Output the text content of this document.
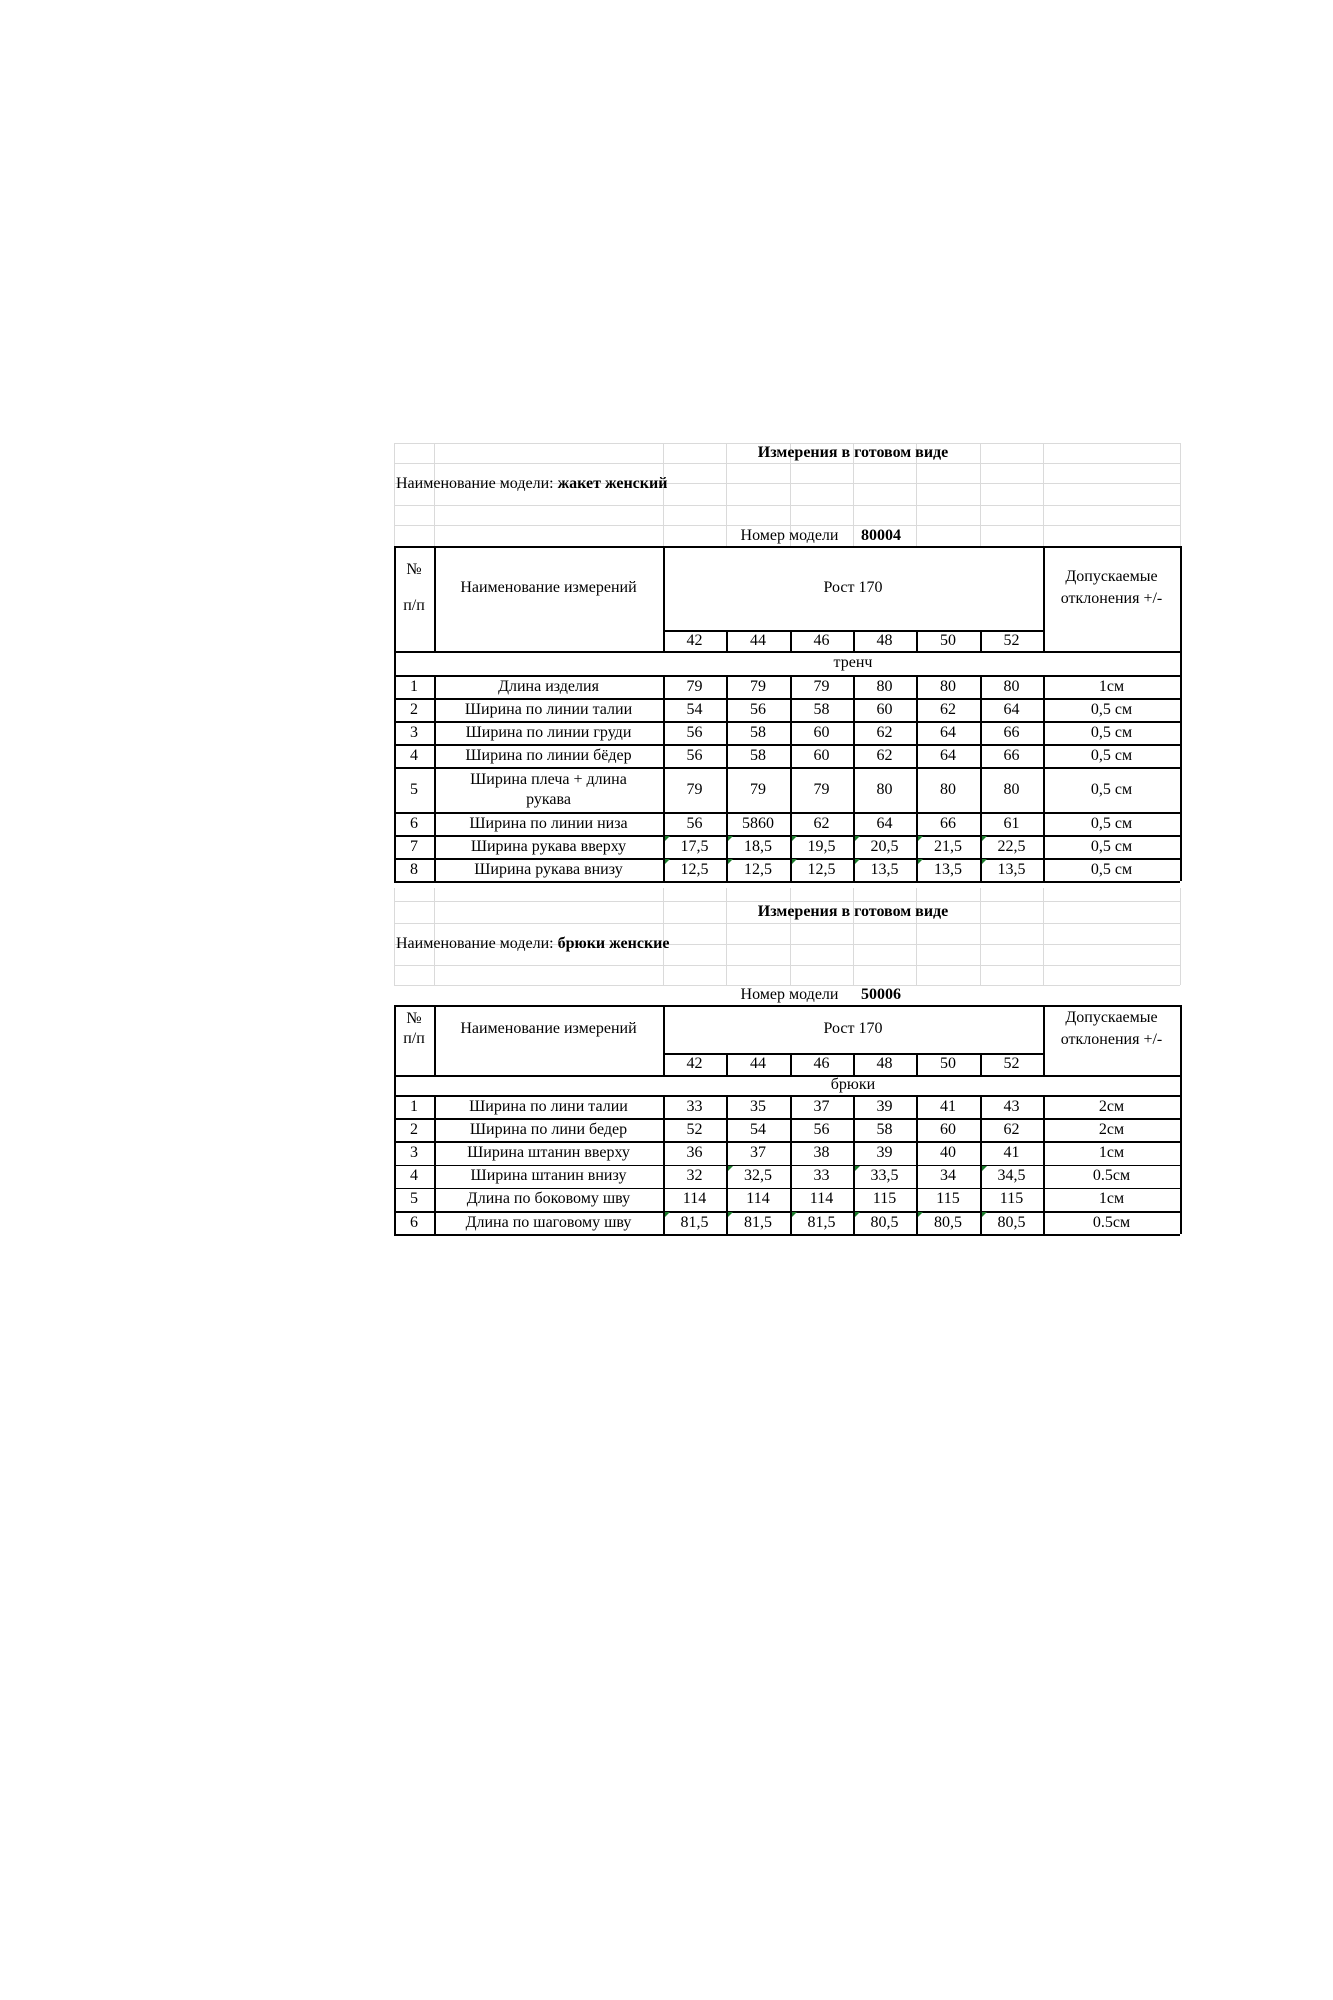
Измерения в готовом виде
Наименование модели: жакет женский
Номер модели	80004
№
п/п
Наименование измерений	Рост 170
Допускаемые
отклонения +/-
42	44	46	48	50	52
тренч
1	Длина изделия	79	79	79	80	80	80	1см
2	Ширина по линии талии	54	56	58	60	62	64	0,5 см
3	Ширина по линии груди	56	58	60	62	64	66	0,5 см
4	Ширина по линии бёдер	56	58	60	62	64	66	0,5 см
5
Ширина плеча + длина
рукава
79	79	79	80	80	80	0,5 см
6	Ширина по линии низа	56	5860	62	64	66	61	0,5 см
7	Ширина рукава вверху	17,5	18,5	19,5	20,5	21,5	22,5	0,5 см
8	Ширина рукава внизу	12,5	12,5	12,5	13,5	13,5	13,5	0,5 см
Измерения в готовом виде
Наименование модели: брюки женские
Номер модели	50006
№
п/п
Наименование измерений	Рост 170
Допускаемые
отклонения +/-
42	44	46	48	50	52
брюки
1	Ширина по лини талии	33	35	37	39	41	43	2см
2	Ширина по лини бедер	52	54	56	58	60	62	2см
3	Ширина штанин вверху	36	37	38	39	40	41	1см
4	Ширина штанин внизу	32	32,5	33	33,5	34	34,5	0.5см
5	Длина по боковому шву	114	114	114	115	115	115	1см
6	Длина по шаговому шву	81,5	81,5	81,5	80,5	80,5	80,5	0.5см
